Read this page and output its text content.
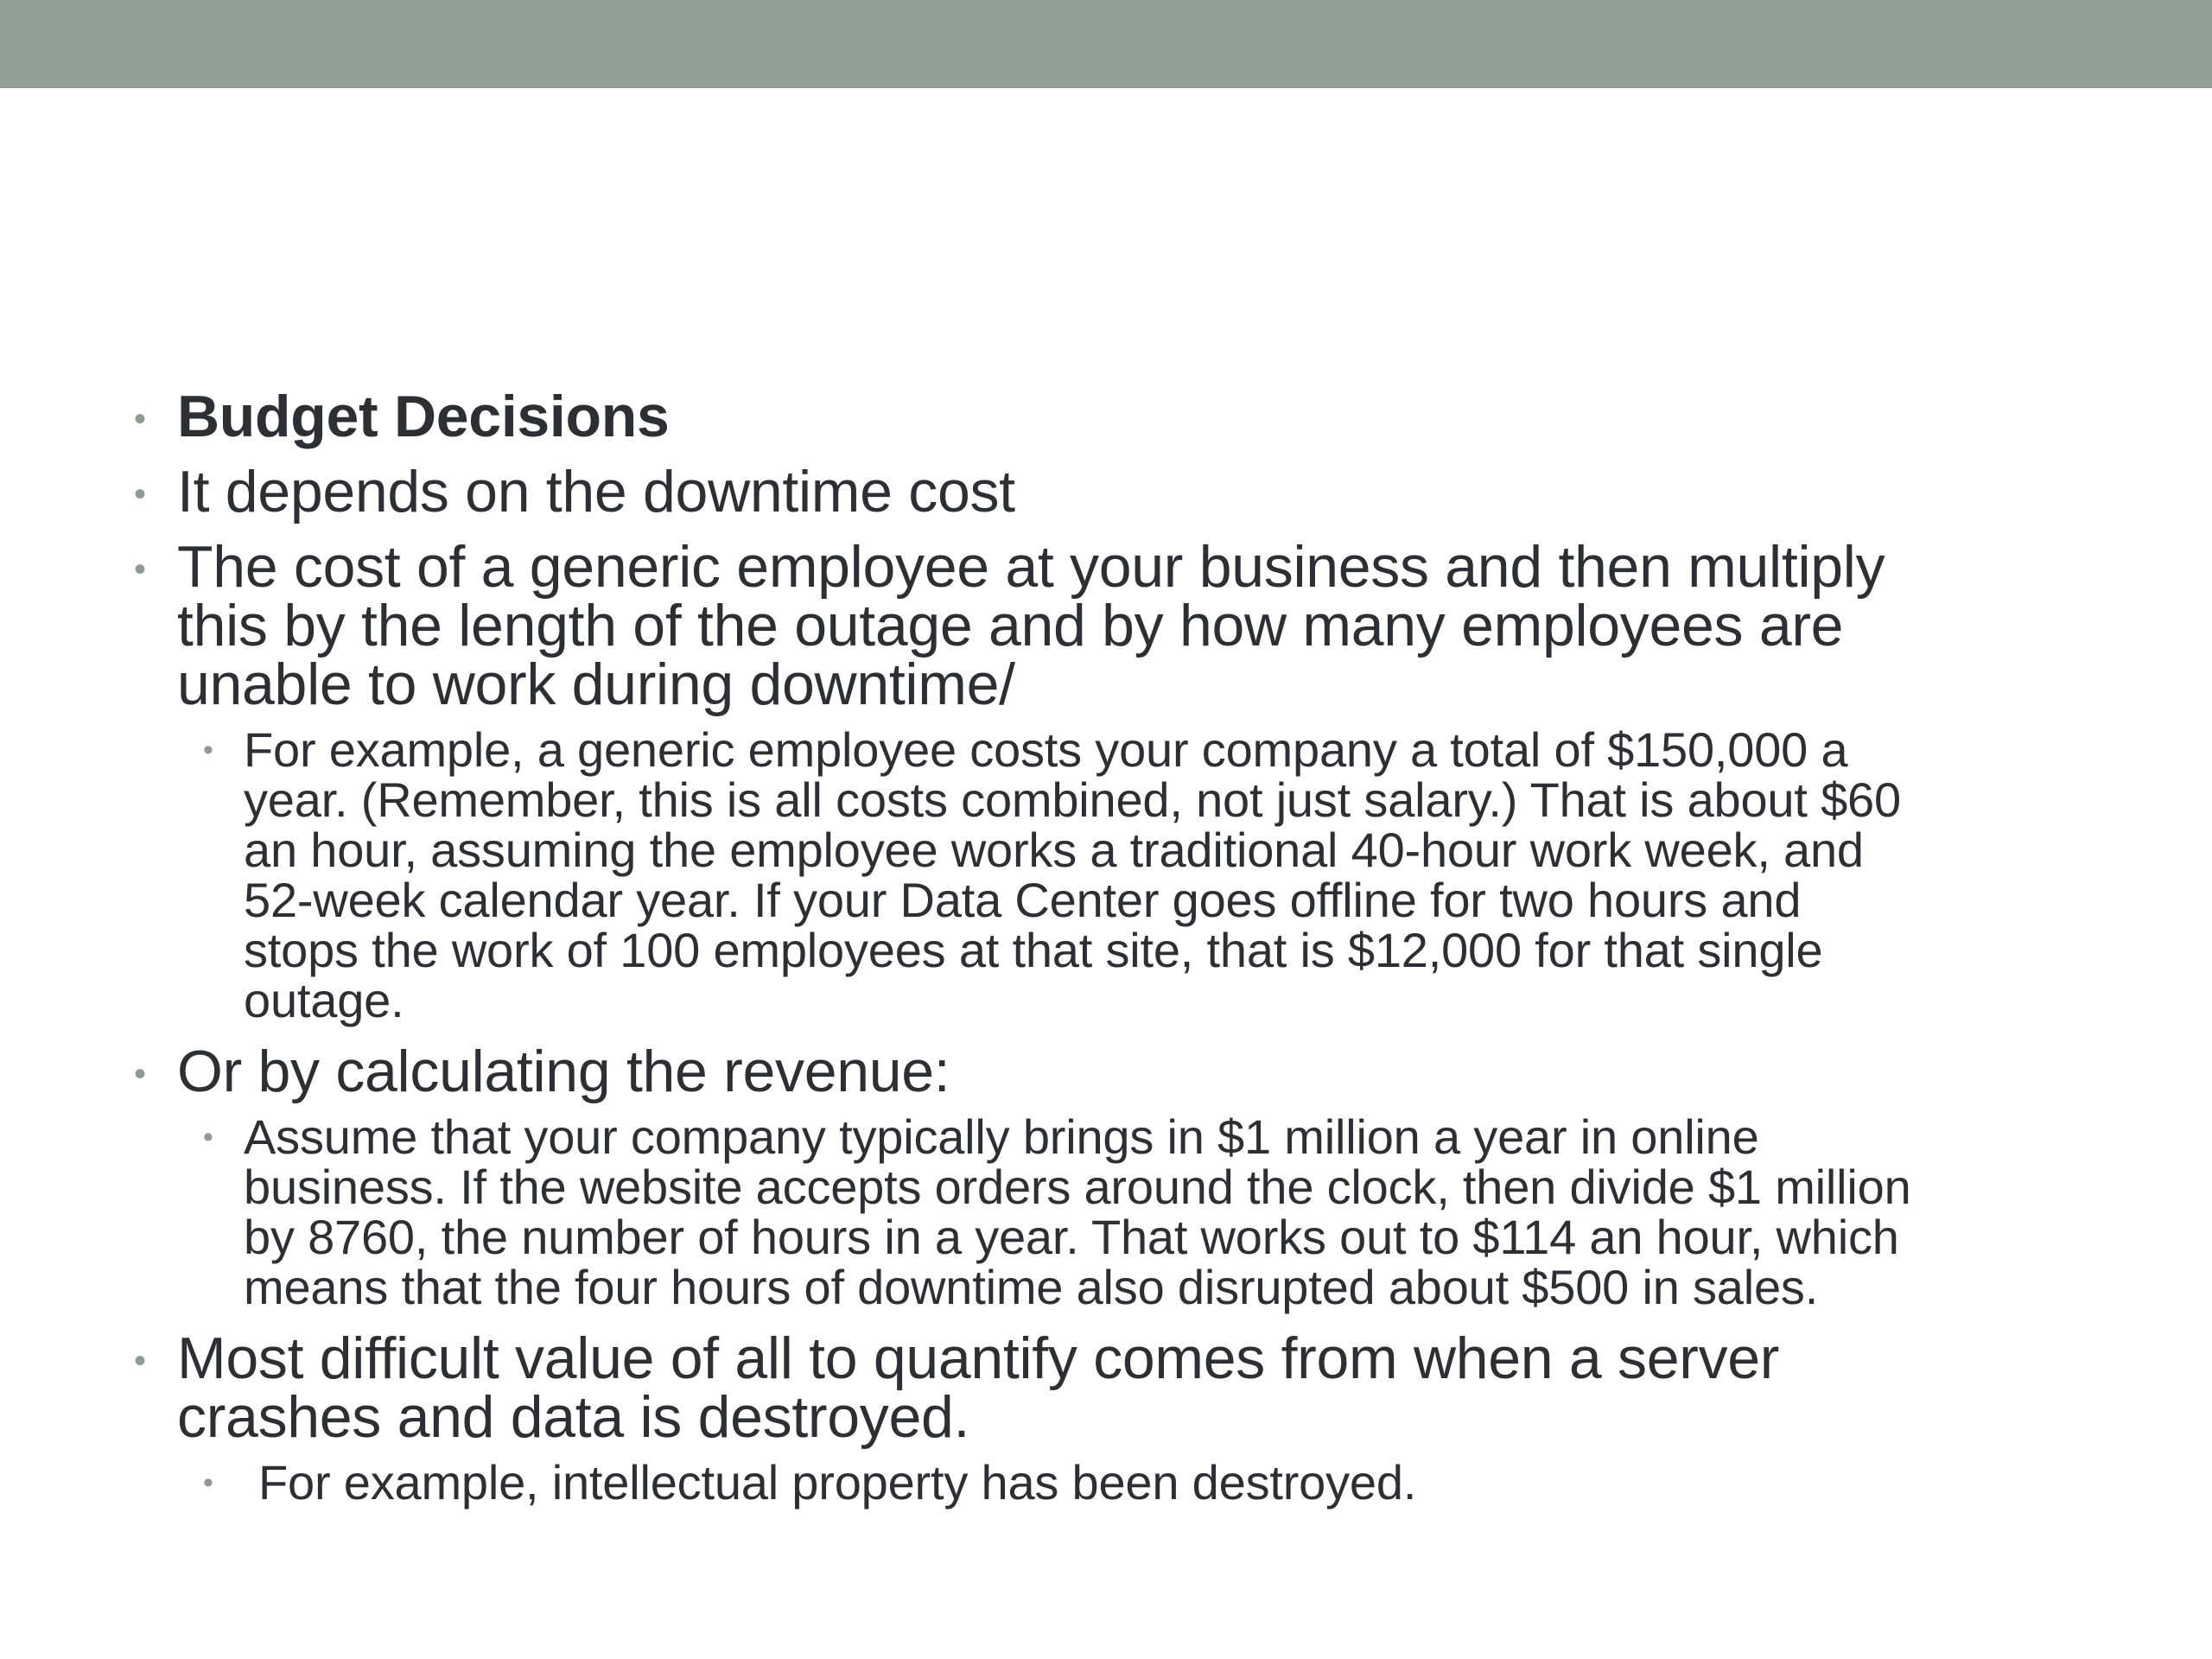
• Budget Decisions
• It depends on the downtime cost
• The cost of a generic employee at your business and then multiply
this by the length of the outage and by how many employees are
unable to work during downtime/
• For example, a generic employee costs your company a total of $150,000 a
year. (Remember, this is all costs combined, not just salary.) That is about $60
an hour, assuming the employee works a traditional 40-hour work week, and
52-week calendar year. If your Data Center goes offline for two hours and
stops the work of 100 employees at that site, that is $12,000 for that single
outage.
• Or by calculating the revenue:
• Assume that your company typically brings in $1 million a year in online
business. If the website accepts orders around the clock, then divide $1 million
by 8760, the number of hours in a year. That works out to $114 an hour, which
means that the four hours of downtime also disrupted about $500 in sales.
• Most difficult value of all to quantify comes from when a server
crashes and data is destroyed.
• For example, intellectual property has been destroyed.
